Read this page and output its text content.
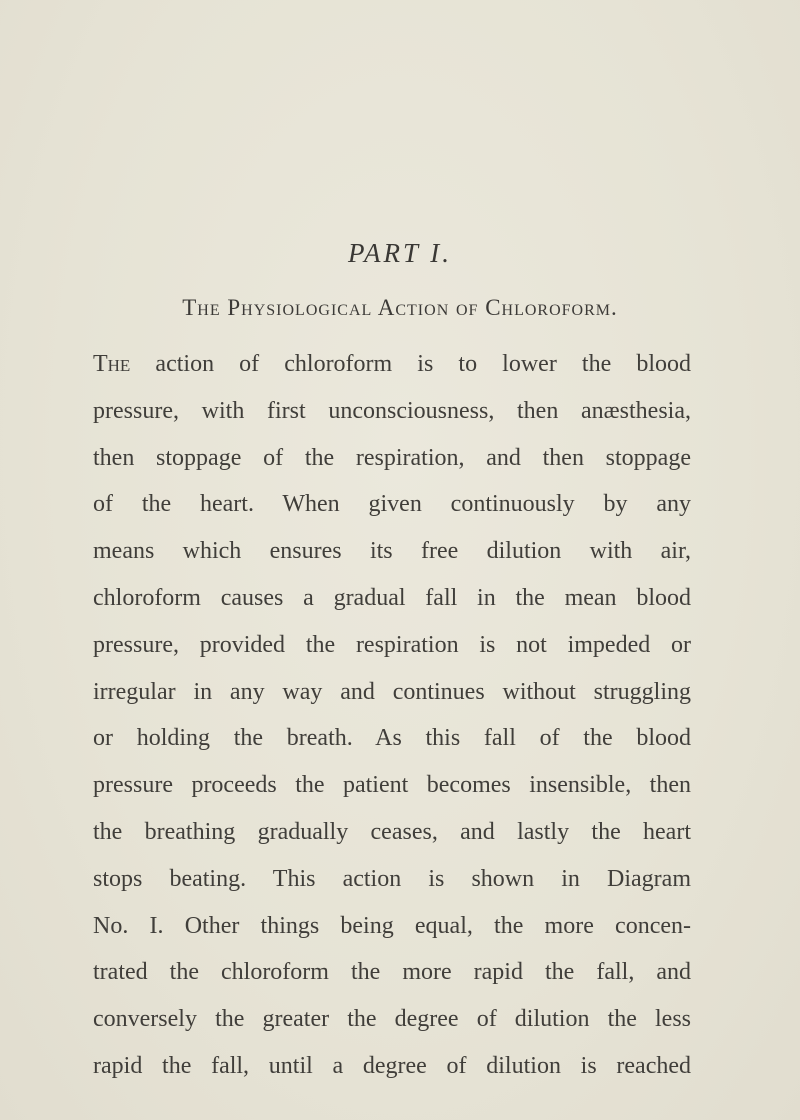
PART I.
The Physiological Action of Chloroform.
The action of chloroform is to lower the blood
pressure, with first unconsciousness, then anæsthesia,
then stoppage of the respiration, and then stoppage
of the heart. When given continuously by any
means which ensures its free dilution with air,
chloroform causes a gradual fall in the mean blood
pressure, provided the respiration is not impeded or
irregular in any way and continues without struggling
or holding the breath. As this fall of the blood
pressure proceeds the patient becomes insensible, then
the breathing gradually ceases, and lastly the heart
stops beating. This action is shown in Diagram
No. I. Other things being equal, the more concen-
trated the chloroform the more rapid the fall, and
conversely the greater the degree of dilution the less
rapid the fall, until a degree of dilution is reached
